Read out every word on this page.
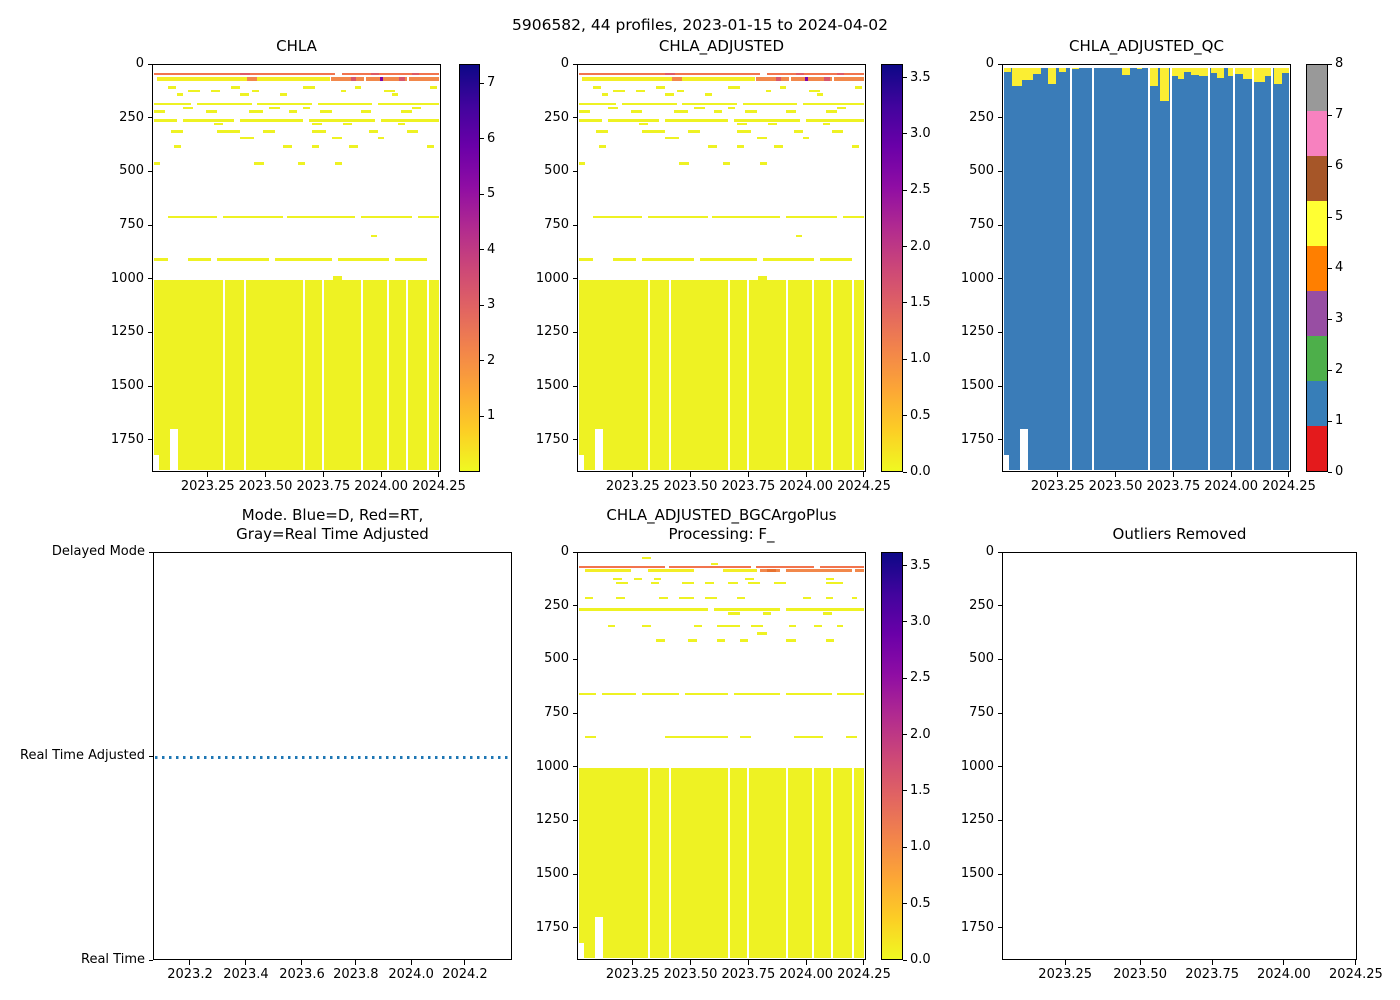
5906582, 44 profiles, 2023-01-15 to 2024-04-02
CHLA
2023.25 2023.50 2023.75 2024.00 2024.25
0
250
500
750
1000
1250
1500
1750
1
2
3
4
5
6
7
CHLA_ADJUSTED
2023.25 2023.50 2023.75 2024.00 2024.25
0
250
500
750
1000
1250
1500
1750
0.0
0.5
1.0
1.5
2.0
2.5
3.0
3.5
CHLA_ADJUSTED_QC
2023.25 2023.50 2023.75 2024.00 2024.25
0
250
500
750
1000
1250
1500
1750
0
1
2
3
4
5
6
7
8
Mode. Blue=D, Red=RT,
Gray=Real Time Adjusted
Delayed Mode
Real Time Adjusted
Real Time
2023.2 2023.4 2023.6 2023.8 2024.0 2024.2
CHLA_ADJUSTED_BGCArgoPlus
Processing: F_
2023.25 2023.50 2023.75 2024.00 2024.25
0
250
500
750
1000
1250
1500
1750
0.0
0.5
1.0
1.5
2.0
2.5
3.0
3.5
Outliers Removed
2023.25	2023.50	2023.75	2024.00	2024.25
0
250
500
750
1000
1250
1500
1750
